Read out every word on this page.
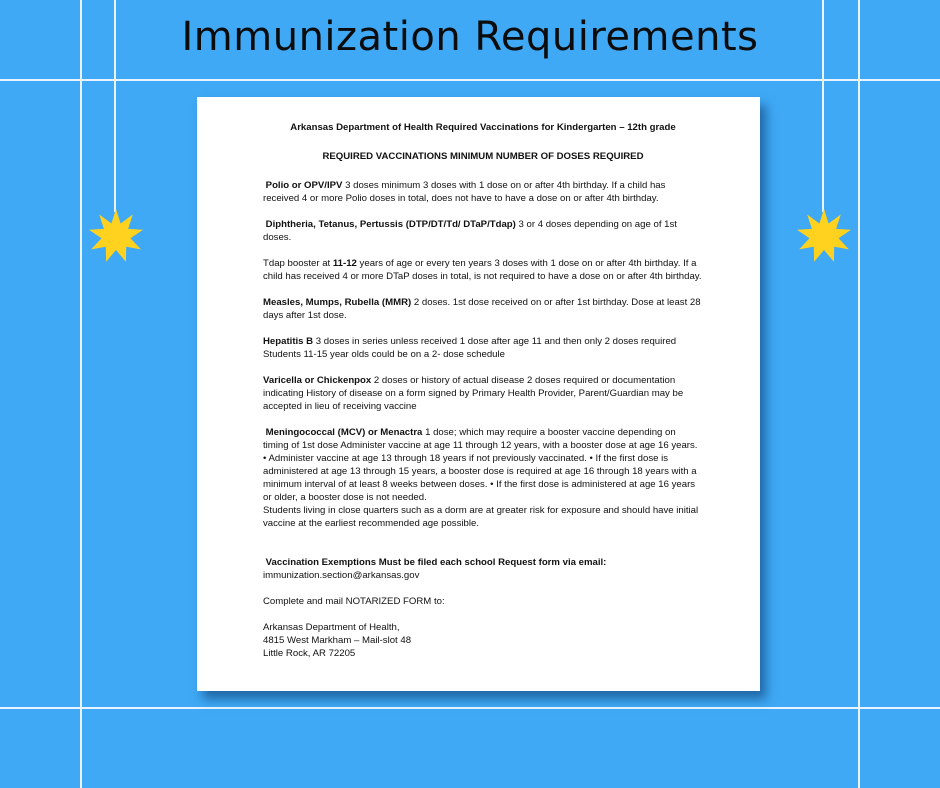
Immunization Requirements
Arkansas Department of Health Required Vaccinations for Kindergarten – 12th grade
REQUIRED VACCINATIONS MINIMUM NUMBER OF DOSES REQUIRED
Polio or OPV/IPV 3 doses minimum 3 doses with 1 dose on or after 4th birthday. If a child has received 4 or more Polio doses in total, does not have to have a dose on or after 4th birthday.
Diphtheria, Tetanus, Pertussis (DTP/DT/Td/ DTaP/Tdap) 3 or 4 doses depending on age of 1st doses.
Tdap booster at 11-12 years of age or every ten years 3 doses with 1 dose on or after 4th birthday. If a child has received 4 or more DTaP doses in total, is not required to have a dose on or after 4th birthday.
Measles, Mumps, Rubella (MMR) 2 doses. 1st dose received on or after 1st birthday. Dose at least 28 days after 1st dose.
Hepatitis B 3 doses in series unless received 1 dose after age 11 and then only 2 doses required Students 11-15 year olds could be on a 2- dose schedule
Varicella or Chickenpox 2 doses or history of actual disease 2 doses required or documentation indicating History of disease on a form signed by Primary Health Provider, Parent/Guardian may be accepted in lieu of receiving vaccine
Meningococcal (MCV) or Menactra 1 dose; which may require a booster vaccine depending on timing of 1st dose Administer vaccine at age 11 through 12 years, with a booster dose at age 16 years. • Administer vaccine at age 13 through 18 years if not previously vaccinated. • If the first dose is administered at age 13 through 15 years, a booster dose is required at age 16 through 18 years with a minimum interval of at least 8 weeks between doses. • If the first dose is administered at age 16 years or older, a booster dose is not needed.
Students living in close quarters such as a dorm are at greater risk for exposure and should have initial vaccine at the earliest recommended age possible.
Vaccination Exemptions Must be filed each school Request form via email:
immunization.section@arkansas.gov
Complete and mail NOTARIZED FORM to:
Arkansas Department of Health,
4815 West Markham – Mail-slot 48
Little Rock, AR 72205
